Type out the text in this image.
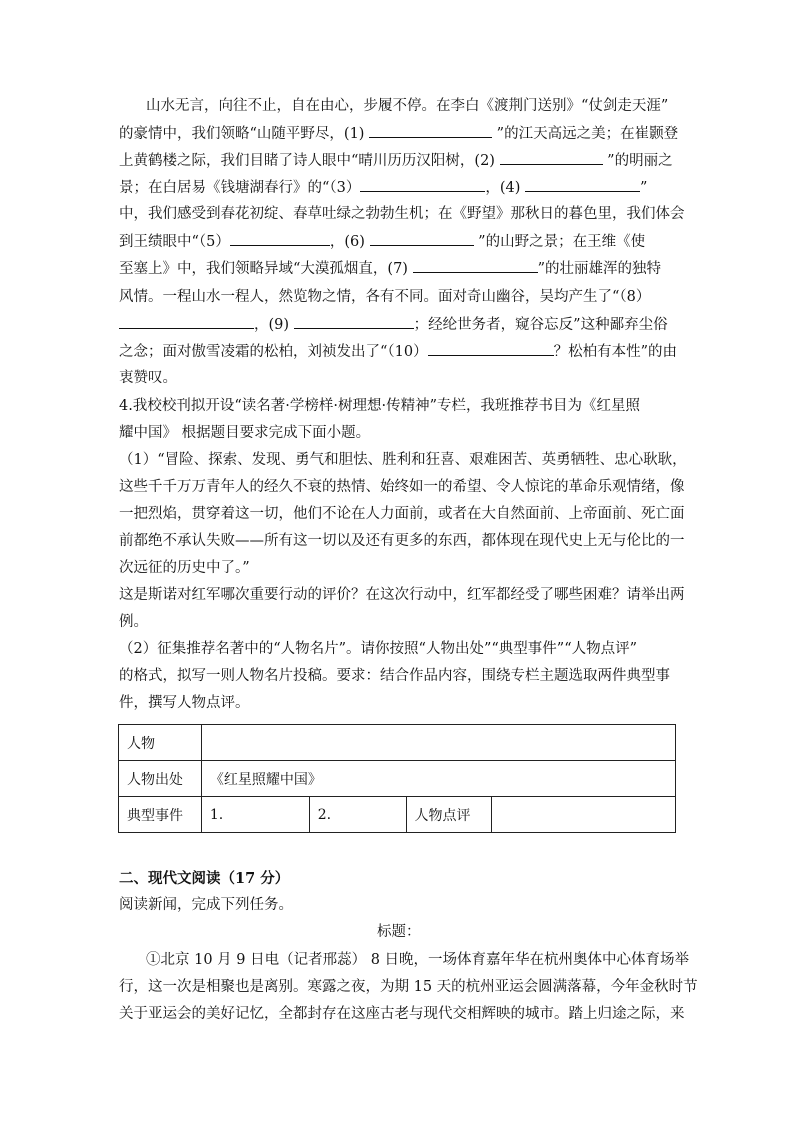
山水无言，向往不止，自在由心，步履不停。在李白《渡荆门送别》“仗剑走天涯”
的豪情中，我们领略“山随平野尽，(1)	”的江天高远之美；在崔颢登
上黄鹤楼之际，我们目睹了诗人眼中“晴川历历汉阳树，(2)	”的明丽之
景；在白居易《钱塘湖春行》的“（3）	，(4)	”
中，我们感受到春花初绽、春草吐绿之勃勃生机；在《野望》那秋日的暮色里，我们体会
到王绩眼中“（5）	，(6)	”的山野之景；在王维《使
至塞上》中，我们领略异域“大漠孤烟直，(7)	”的壮丽雄浑的独特
风情。一程山水一程人，然览物之情，各有不同。面对奇山幽谷，吴均产生了“（8）
，(9)	；经纶世务者，窥谷忘反”这种鄙弃尘俗
之念；面对傲雪凌霜的松柏，刘祯发出了“（10）	？松柏有本性”的由
衷赞叹。
4.我校校刊拟开设“读名著·学榜样·树理想·传精神”专栏，我班推荐书目为《红星照
耀中国》 根据题目要求完成下面小题。
（1）“冒险、探索、发现、勇气和胆怯、胜利和狂喜、艰难困苦、英勇牺牲、忠心耿耿，
这些千千万万青年人的经久不衰的热情、始终如一的希望、令人惊诧的革命乐观情绪，像
一把烈焰，贯穿着这一切，他们不论在人力面前，或者在大自然面前、上帝面前、死亡面
前都绝不承认失败——所有这一切以及还有更多的东西，都体现在现代史上无与伦比的一
次远征的历史中了。”
这是斯诺对红军哪次重要行动的评价？在这次行动中，红军都经受了哪些困难？请举出两
例。
（2）征集推荐名著中的“人物名片”。请你按照“人物出处”“典型事件”“人物点评”
的格式，拟写一则人物名片投稿。要求：结合作品内容，围绕专栏主题选取两件典型事
件，撰写人物点评。
人物				
人物出处	《红星照耀中国》			
典型事件	1.	2.	人物点评	
二、现代文阅读（17 分）
阅读新闻，完成下列任务。
标题：
①北京 10 月 9 日电（记者邢蕊） 8 日晚，一场体育嘉年华在杭州奥体中心体育场举
行，这一次是相聚也是离别。寒露之夜，为期 15 天的杭州亚运会圆满落幕，今年金秋时节
关于亚运会的美好记忆，全都封存在这座古老与现代交相辉映的城市。踏上归途之际，来
